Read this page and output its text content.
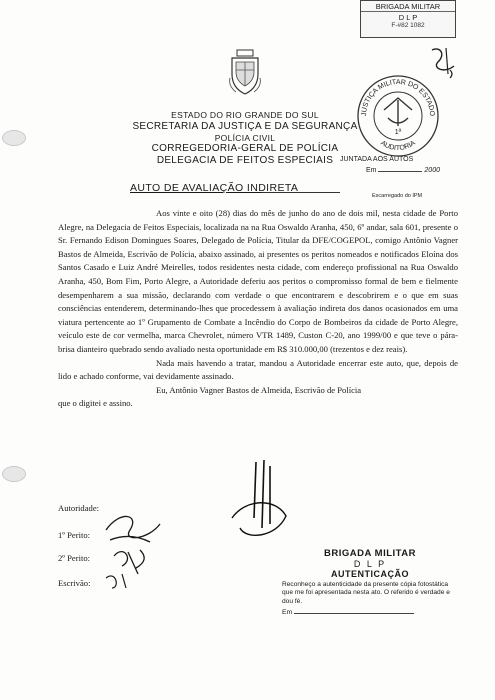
BRIGADA MILITAR
D L P
F-#82 1082
ESTADO DO RIO GRANDE DO SUL
SECRETARIA DA JUSTIÇA E DA SEGURANÇA
POLÍCIA CIVIL
CORREGEDORIA-GERAL DE POLÍCIA
DELEGACIA DE FEITOS ESPECIAIS
JUSTIÇA MILITAR DO ESTADO
AUDITORIA
1ª
JUNTADA AOS AUTOS
Em	2000
Escarregado do IPM
AUTO DE AVALIAÇÃO INDIRETA

Aos vinte e oito (28) dias do mês de junho do ano de dois mil, nesta cidade de Porto Alegre, na Delegacia de Feitos Especiais, localizada na na Rua Oswaldo Aranha, 450, 6º andar, sala 601, presente o Sr. Fernando Edison Domingues Soares, Delegado de Polícia, Titular da DFE/COGEPOL, comigo Antônio Vagner Bastos de Almeida, Escrivão de Polícia, abaixo assinado, ai presentes os peritos nomeados e notificados Eloína dos Santos Casado e Luiz André Meirelles, todos residentes nesta cidade, com endereço profissional na Rua Oswaldo Aranha, 450, Bom Fim, Porto Alegre, a Autoridade deferiu aos peritos o compromisso formal de bem e fielmente desempenharem a sua missão, declarando com verdade o que encontrarem e descobrirem e o que em suas consciências entenderem, determinando-lhes que procedessem à avaliação indireta dos danos ocasionados em uma viatura pertencente ao 1º Grupamento de Combate a Incêndio do Corpo de Bombeiros da cidade de Porto Alegre, veículo este de cor vermelha, marca Chevrolet, número VTR 1489, Custon C-20, ano 1999/00 e que teve o pára-brisa dianteiro quebrado sendo avaliado nesta oportunidade em R$ 310.000,00 (trezentos e dez reais).

Nada mais havendo a tratar, mandou a Autoridade encerrar este auto, que, depois de lido e achado conforme, vai devidamente assinado.

Eu, Antônio Vagner Bastos de Almeida, Escrivão de Polícia

que o digitei e assino.

Autoridade:
1º Perito:
2º Perito:
Escrivão:
BRIGADA MILITAR
D L P
AUTENTICAÇÃO
Reconheço a autenticidade da presente cópia fotostática que me foi apresentada nesta ato. O referido é verdade e dou fé.
Em
